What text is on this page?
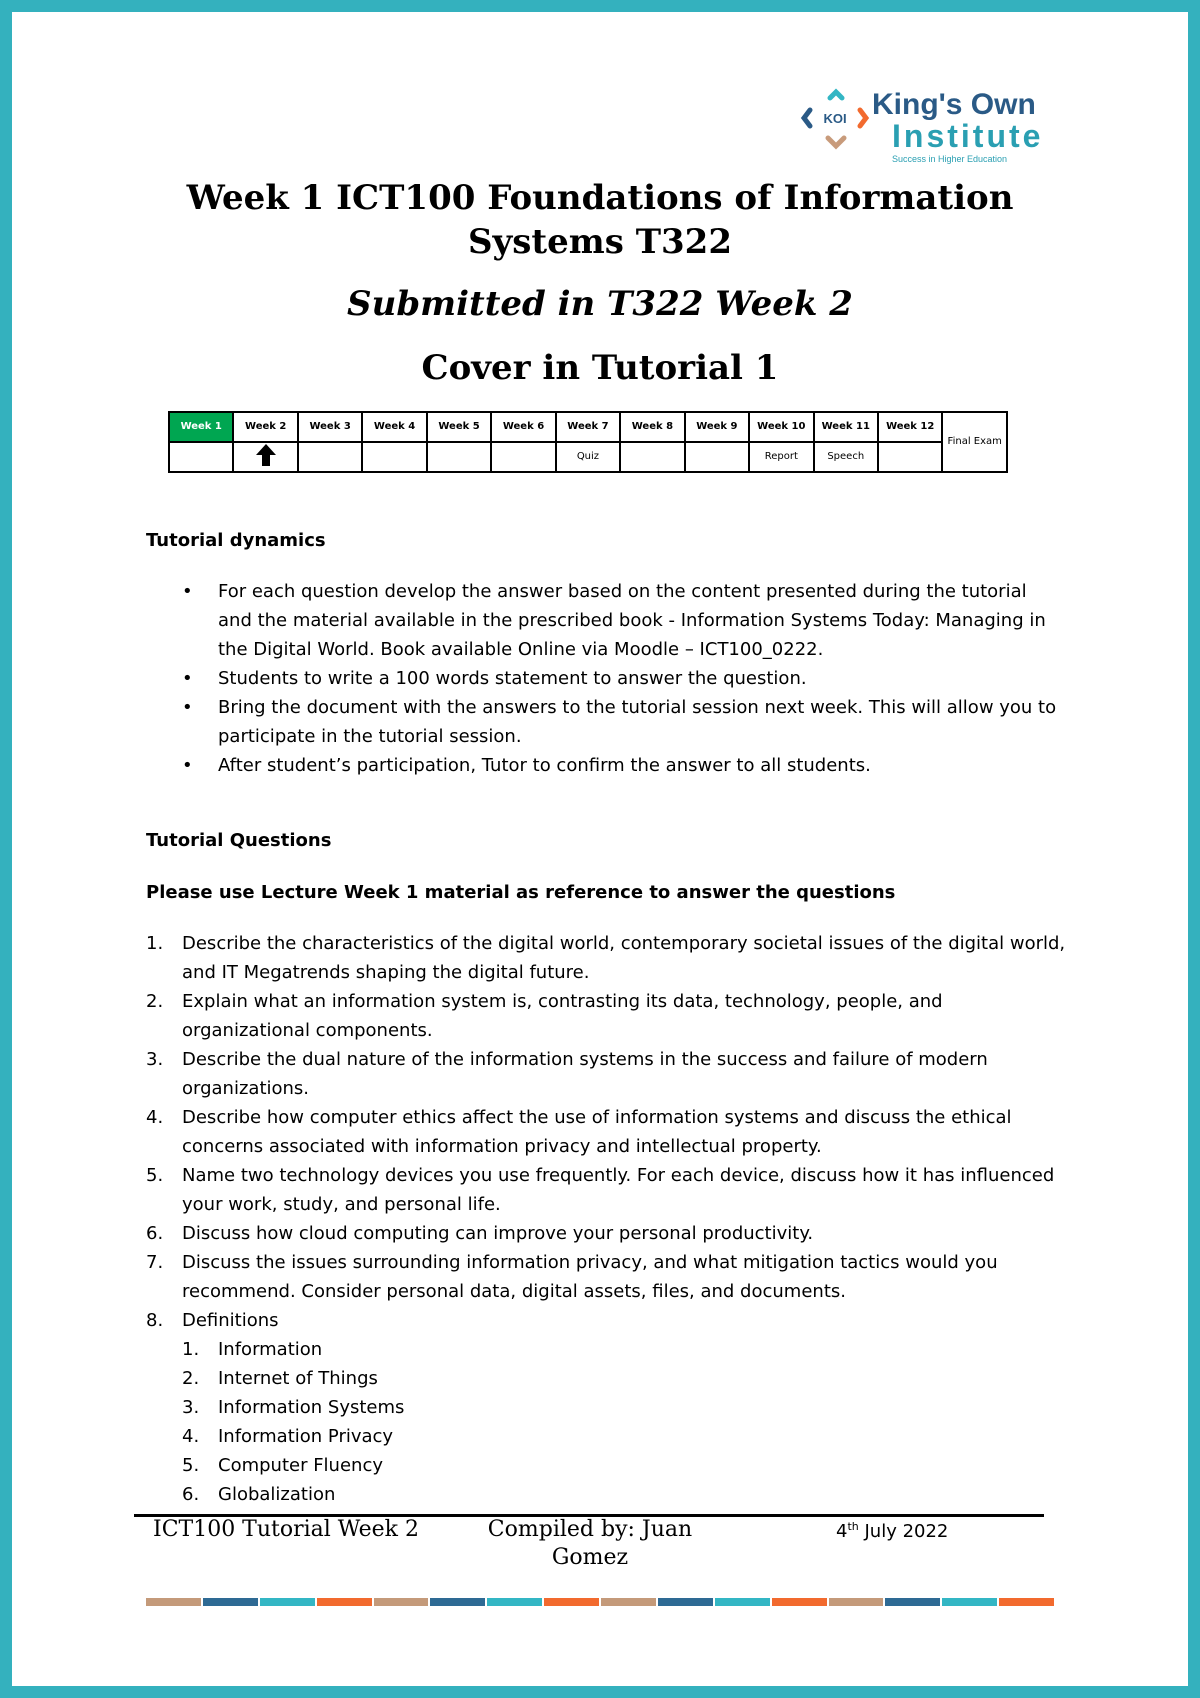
KOI King's Own
Institute
Success in Higher Education
Week 1 ICT100 Foundations of Information
Systems T322
Submitted in T322 Week 2
Cover in Tutorial 1
Week 1	Week 2	Week 3	Week 4	Week 5	Week 6	Week 7	Week 8	Week 9	Week 10	Week 11	Week 12	Final Exam
						Quiz			Report	Speech		
Tutorial dynamics
• For each question develop the answer based on the content presented during the tutorial and the material available in the prescribed book - Information Systems Today: Managing in the Digital World. Book available Online via Moodle – ICT100_0222.
• Students to write a 100 words statement to answer the question.
• Bring the document with the answers to the tutorial session next week. This will allow you to participate in the tutorial session.
• After student’s participation, Tutor to confirm the answer to all students.
Tutorial Questions
Please use Lecture Week 1 material as reference to answer the questions
1. Describe the characteristics of the digital world, contemporary societal issues of the digital world, and IT Megatrends shaping the digital future.
2. Explain what an information system is, contrasting its data, technology, people, and organizational components.
3. Describe the dual nature of the information systems in the success and failure of modern organizations.
4. Describe how computer ethics affect the use of information systems and discuss the ethical concerns associated with information privacy and intellectual property.
5. Name two technology devices you use frequently. For each device, discuss how it has influenced your work, study, and personal life.
6. Discuss how cloud computing can improve your personal productivity.
7. Discuss the issues surrounding information privacy, and what mitigation tactics would you recommend. Consider personal data, digital assets, files, and documents.
8. Definitions
1. Information
2. Internet of Things
3. Information Systems
4. Information Privacy
5. Computer Fluency
6. Globalization
ICT100 Tutorial Week 2	Compiled by: Juan Gomez
4th July 2022
